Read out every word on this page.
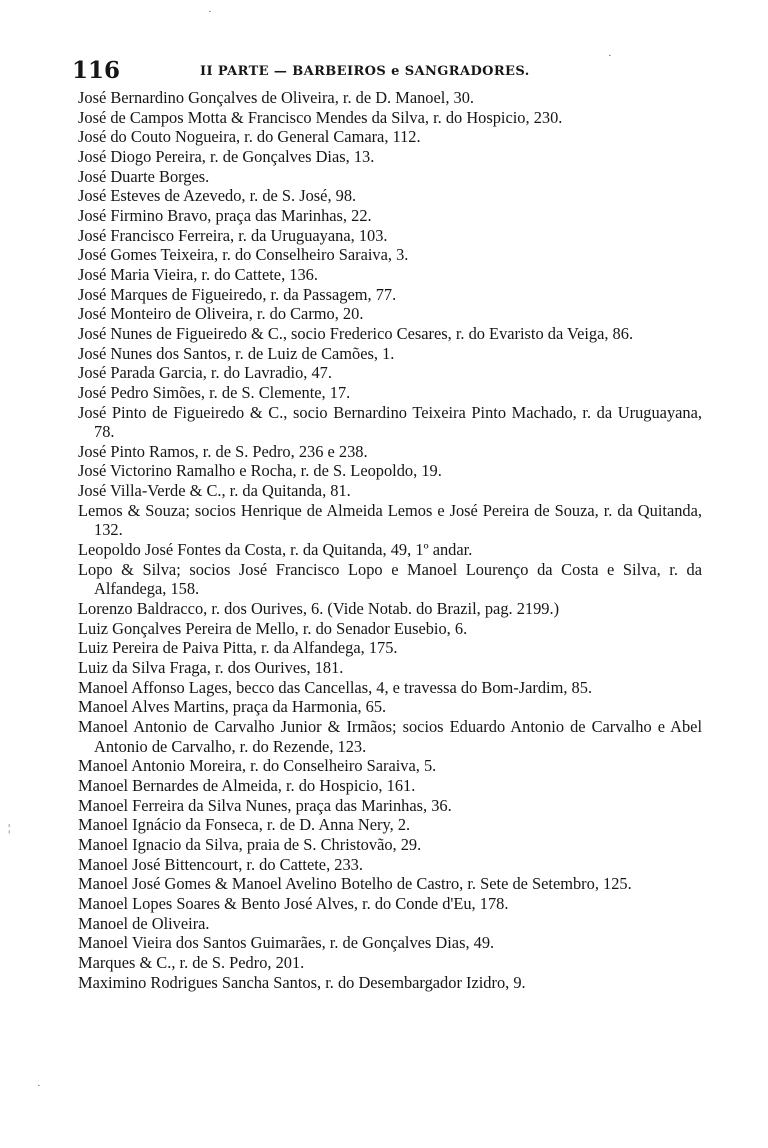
116	II PARTE — BARBEIROS e SANGRADORES.

José Bernardino Gonçalves de Oliveira, r. de D. Manoel, 30.

José de Campos Motta & Francisco Mendes da Silva, r. do Hospicio, 230.

José do Couto Nogueira, r. do General Camara, 112.

José Diogo Pereira, r. de Gonçalves Dias, 13.

José Duarte Borges.

José Esteves de Azevedo, r. de S. José, 98.

José Firmino Bravo, praça das Marinhas, 22.

José Francisco Ferreira, r. da Uruguayana, 103.

José Gomes Teixeira, r. do Conselheiro Saraiva, 3.

José Maria Vieira, r. do Cattete, 136.

José Marques de Figueiredo, r. da Passagem, 77.

José Monteiro de Oliveira, r. do Carmo, 20.

José Nunes de Figueiredo & C., socio Frederico Cesares, r. do Evaristo da Veiga, 86.

José Nunes dos Santos, r. de Luiz de Camões, 1.

José Parada Garcia, r. do Lavradio, 47.

José Pedro Simões, r. de S. Clemente, 17.

José Pinto de Figueiredo & C., socio Bernardino Teixeira Pinto Machado, r. da Uruguayana, 78.

José Pinto Ramos, r. de S. Pedro, 236 e 238.

José Victorino Ramalho e Rocha, r. de S. Leopoldo, 19.

José Villa-Verde & C., r. da Quitanda, 81.

Lemos & Souza; socios Henrique de Almeida Lemos e José Pereira de Souza, r. da Quitanda, 132.

Leopoldo José Fontes da Costa, r. da Quitanda, 49, 1º andar.

Lopo & Silva; socios José Francisco Lopo e Manoel Lourenço da Costa e Silva, r. da Alfandega, 158.

Lorenzo Baldracco, r. dos Ourives, 6. (Vide Notab. do Brazil, pag. 2199.)

Luiz Gonçalves Pereira de Mello, r. do Senador Eusebio, 6.

Luiz Pereira de Paiva Pitta, r. da Alfandega, 175.

Luiz da Silva Fraga, r. dos Ourives, 181.

Manoel Affonso Lages, becco das Cancellas, 4, e travessa do Bom-Jardim, 85.

Manoel Alves Martins, praça da Harmonia, 65.

Manoel Antonio de Carvalho Junior & Irmãos; socios Eduardo Antonio de Carvalho e Abel Antonio de Carvalho, r. do Rezende, 123.

Manoel Antonio Moreira, r. do Conselheiro Saraiva, 5.

Manoel Bernardes de Almeida, r. do Hospicio, 161.

Manoel Ferreira da Silva Nunes, praça das Marinhas, 36.

Manoel Ignácio da Fonseca, r. de D. Anna Nery, 2.

Manoel Ignacio da Silva, praia de S. Christovão, 29.

Manoel José Bittencourt, r. do Cattete, 233.

Manoel José Gomes & Manoel Avelino Botelho de Castro, r. Sete de Setembro, 125.

Manoel Lopes Soares & Bento José Alves, r. do Conde d'Eu, 178.

Manoel de Oliveira.

Manoel Vieira dos Santos Guimarães, r. de Gonçalves Dias, 49.

Marques & C., r. de S. Pedro, 201.

Maximino Rodrigues Sancha Santos, r. do Desembargador Izidro, 9.

·
·
¦
·
